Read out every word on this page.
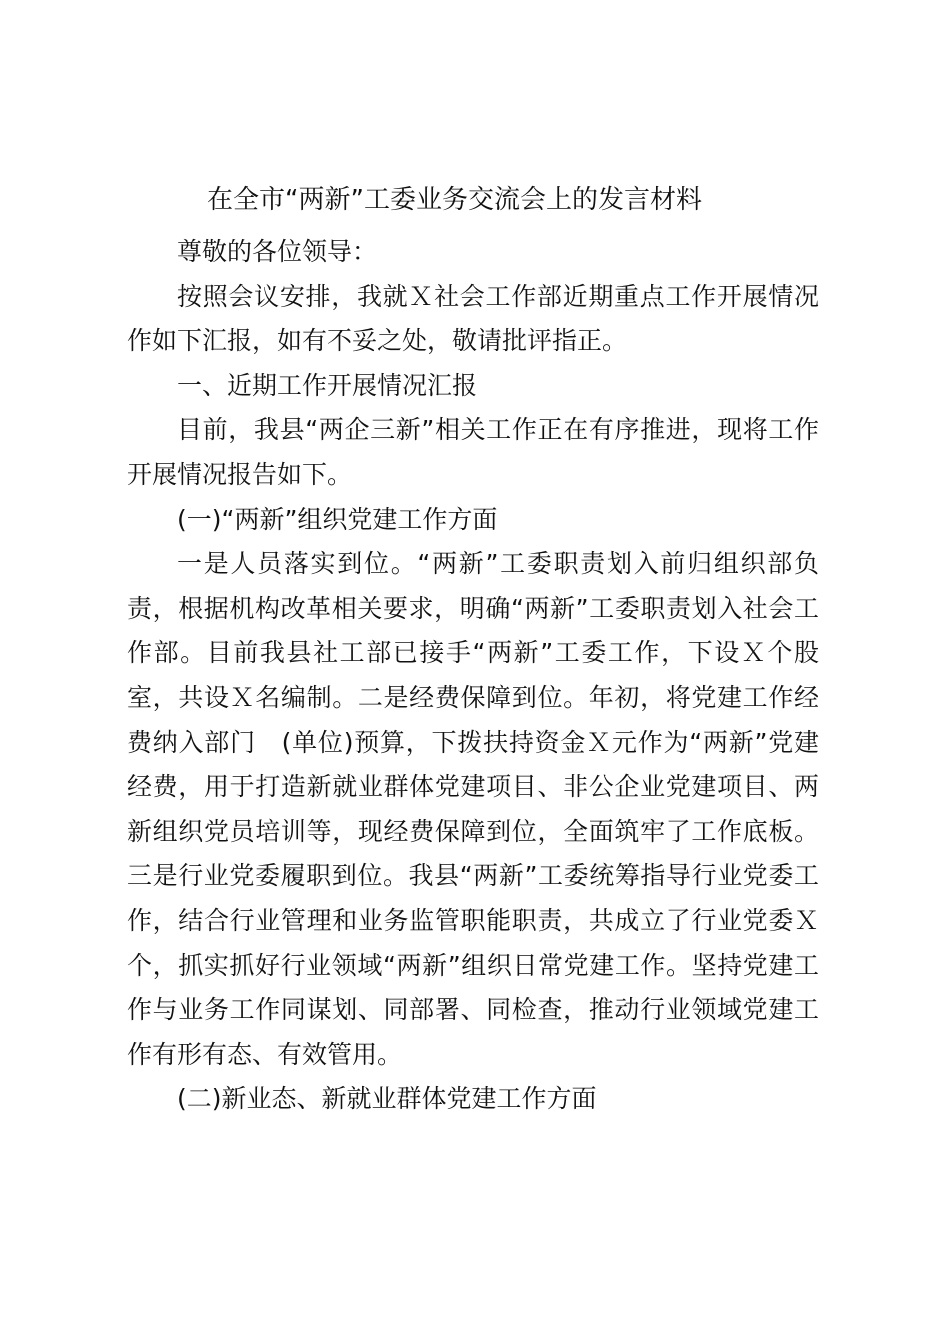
在全市“两新”工委业务交流会上的发言材料

尊敬的各位领导：

按照会议安排，我就Ｘ社会工作部近期重点工作开展情况作如下汇报，如有不妥之处，敬请批评指正。

一、近期工作开展情况汇报

目前，我县“两企三新”相关工作正在有序推进，现将工作开展情况报告如下。

(一)“两新”组织党建工作方面

一是人员落实到位。“两新”工委职责划入前归组织部负责，根据机构改革相关要求，明确“两新”工委职责划入社会工作部。目前我县社工部已接手“两新”工委工作，下设Ｘ个股室，共设Ｘ名编制。二是经费保障到位。年初，将党建工作经费纳入部门　(单位)预算，下拨扶持资金Ｘ元作为“两新”党建经费，用于打造新就业群体党建项目、非公企业党建项目、两新组织党员培训等，现经费保障到位，全面筑牢了工作底板。三是行业党委履职到位。我县“两新”工委统筹指导行业党委工作，结合行业管理和业务监管职能职责，共成立了行业党委Ｘ个，抓实抓好行业领域“两新”组织日常党建工作。坚持党建工作与业务工作同谋划、同部署、同检查，推动行业领域党建工作有形有态、有效管用。

(二)新业态、新就业群体党建工作方面
